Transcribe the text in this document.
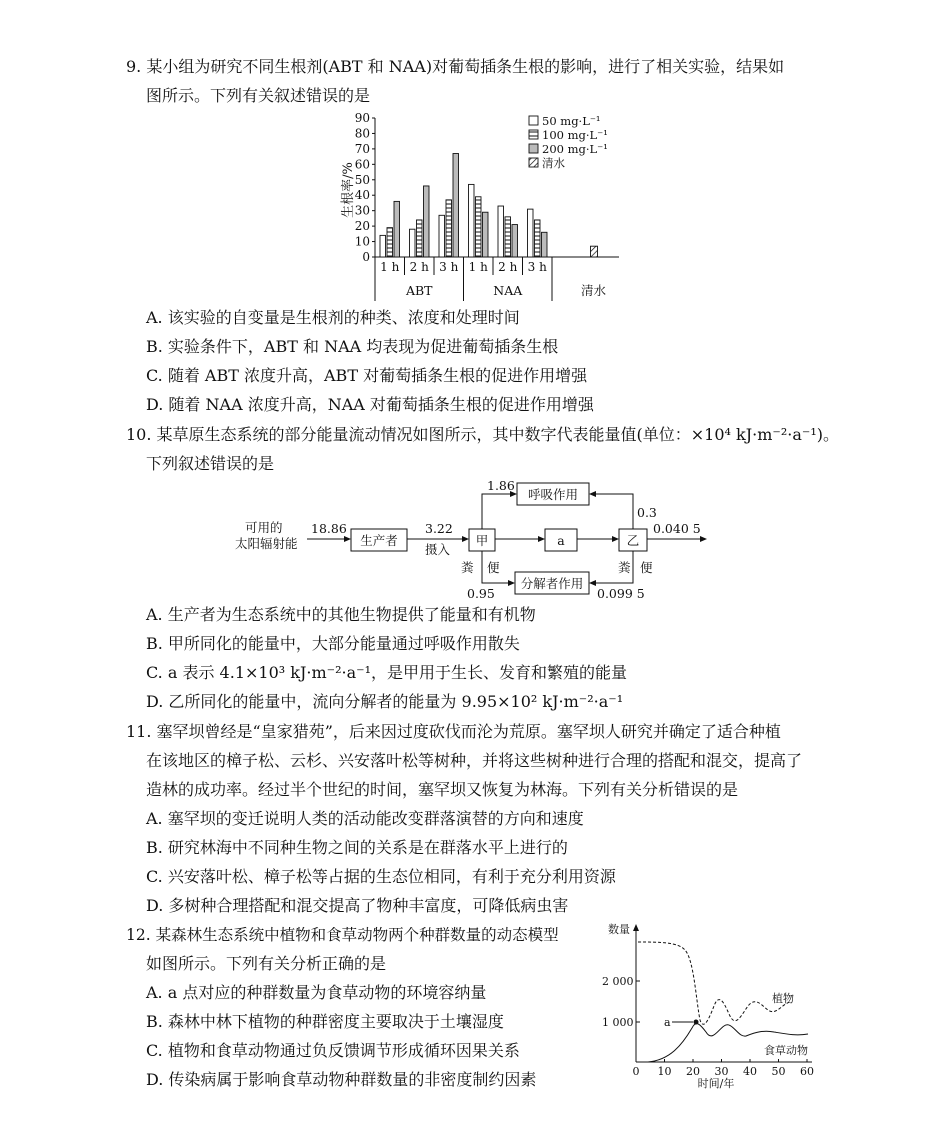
9. 某小组为研究不同生根剂(ABT 和 NAA)对葡萄插条生根的影响，进行了相关实验，结果如
图所示。下列有关叙述错误的是
0
10
20
30
40
50
60
70
80
90
1 h 2 h 3 h
ABT
1 h 2 h 3 h
NAA	清水
50 mg·L⁻¹
100 mg·L⁻¹
200 mg·L⁻¹
清水
生根率/%
A. 该实验的自变量是生根剂的种类、浓度和处理时间
B. 实验条件下，ABT 和 NAA 均表现为促进葡萄插条生根
C. 随着 ABT 浓度升高，ABT 对葡萄插条生根的促进作用增强
D. 随着 NAA 浓度升高，NAA 对葡萄插条生根的促进作用增强
10. 某草原生态系统的部分能量流动情况如图所示，其中数字代表能量值(单位：×10⁴ kJ·m⁻²·a⁻¹)。
下列叙述错误的是
可用的
太阳辐射能
18.86
生产者
3.22
摄入
甲	a	乙
0.040 5
呼吸作用
1.86
0.3
分解者作用
粪 便
0.95
粪 便
0.099 5
A. 生产者为生态系统中的其他生物提供了能量和有机物
B. 甲所同化的能量中，大部分能量通过呼吸作用散失
C. a 表示 4.1×10³ kJ·m⁻²·a⁻¹，是甲用于生长、发育和繁殖的能量
D. 乙所同化的能量中，流向分解者的能量为 9.95×10² kJ·m⁻²·a⁻¹
11. 塞罕坝曾经是“皇家猎苑”，后来因过度砍伐而沦为荒原。塞罕坝人研究并确定了适合种植
在该地区的樟子松、云杉、兴安落叶松等树种，并将这些树种进行合理的搭配和混交，提高了
造林的成功率。经过半个世纪的时间，塞罕坝又恢复为林海。下列有关分析错误的是
A. 塞罕坝的变迁说明人类的活动能改变群落演替的方向和速度
B. 研究林海中不同种生物之间的关系是在群落水平上进行的
C. 兴安落叶松、樟子松等占据的生态位相同，有利于充分利用资源
D. 多树种合理搭配和混交提高了物种丰富度，可降低病虫害
12. 某森林生态系统中植物和食草动物两个种群数量的动态模型
如图所示。下列有关分析正确的是
A. a 点对应的种群数量为食草动物的环境容纳量
B. 森林中林下植物的种群密度主要取决于土壤湿度
C. 植物和食草动物通过负反馈调节形成循环因果关系
D. 传染病属于影响食草动物种群数量的非密度制约因素
数量
2 000
1 000
0 10 20 30 40 50 60
时间/年
a
植物
食草动物
